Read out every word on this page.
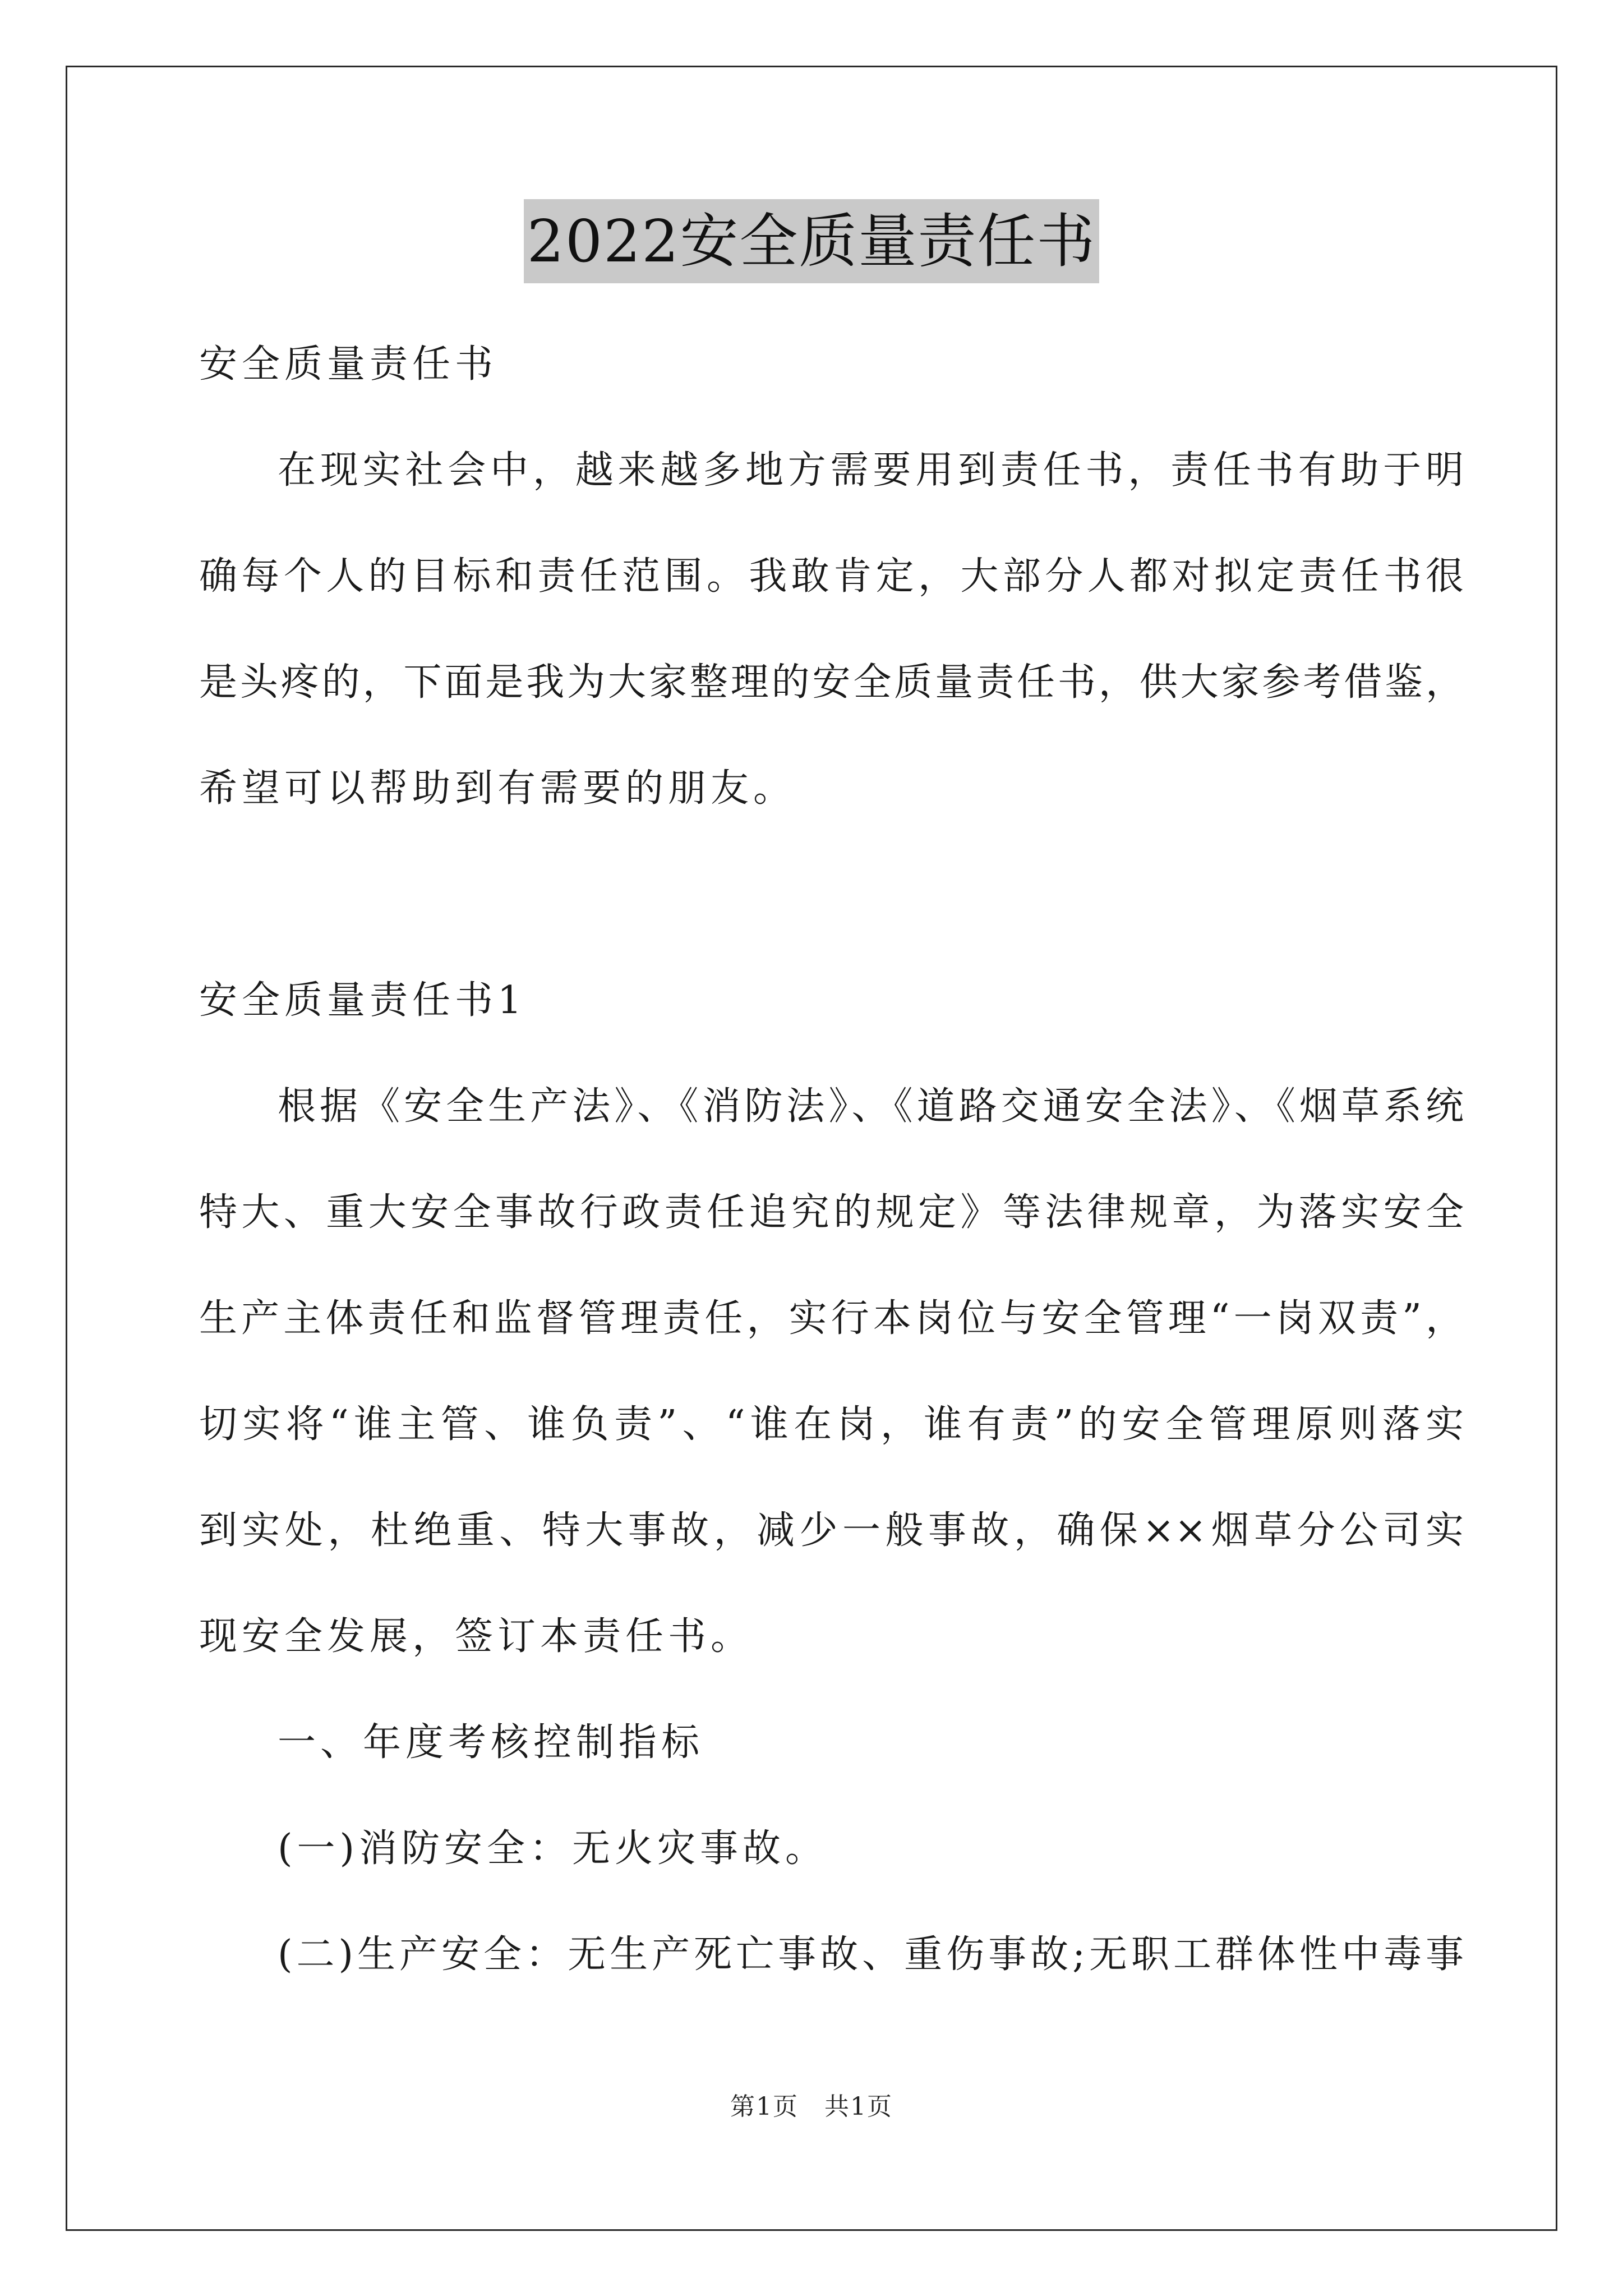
2022安全质量责任书
安全质量责任书
在现实社会中，越来越多地方需要用到责任书，责任书有助于明
确每个人的目标和责任范围。我敢肯定，大部分人都对拟定责任书很
是头疼的，下面是我为大家整理的安全质量责任书，供大家参考借鉴，
希望可以帮助到有需要的朋友。
安全质量责任书1
根据《安全生产法》、《消防法》、《道路交通安全法》、《烟草系统
特大、重大安全事故行政责任追究的规定》等法律规章，为落实安全
生产主体责任和监督管理责任，实行本岗位与安全管理“一岗双责”，
切实将“谁主管、谁负责”、“谁在岗，谁有责”的安全管理原则落实
到实处，杜绝重、特大事故，减少一般事故，确保××烟草分公司实
现安全发展，签订本责任书。
一、年度考核控制指标
(一)消防安全：无火灾事故。
(二)生产安全：无生产死亡事故、重伤事故;无职工群体性中毒事
第1页　共1页
